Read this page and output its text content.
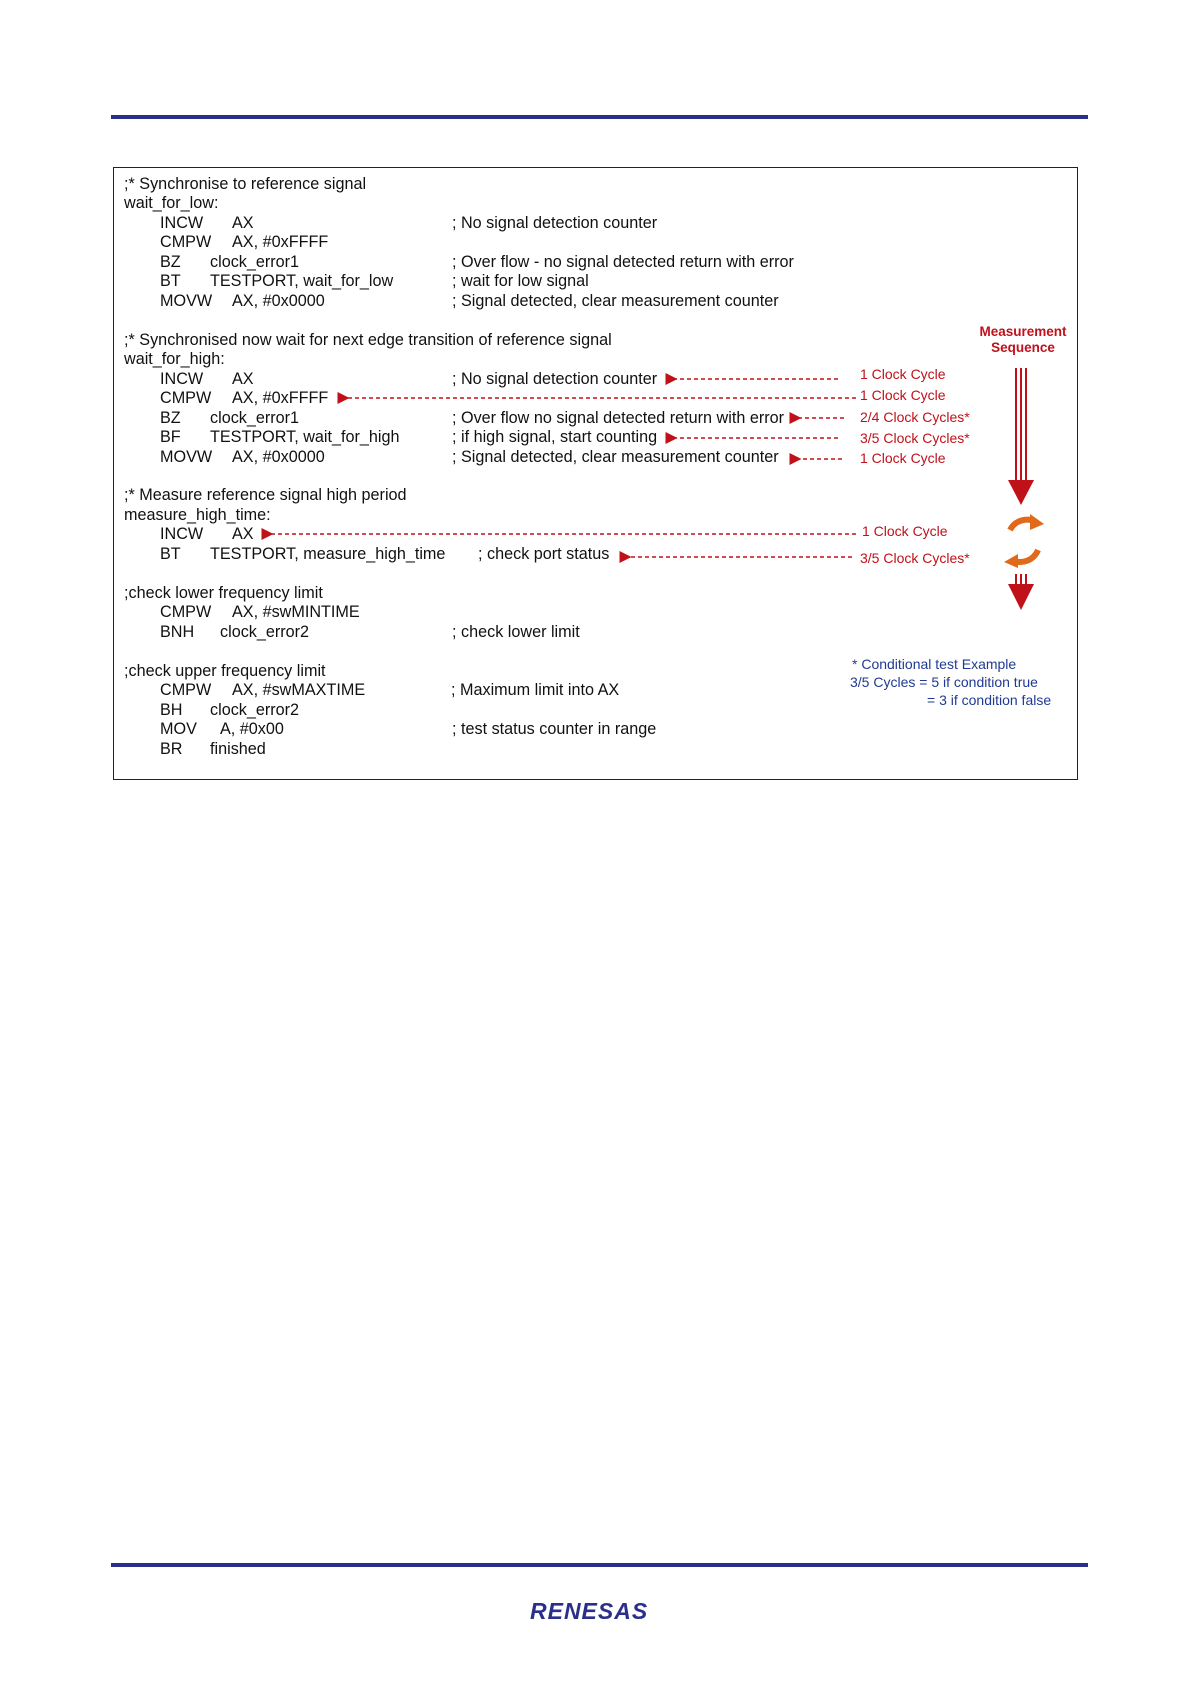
;* Synchronise to reference signal
wait_for_low:
INCW AX	; No signal detection counter
CMPW AX, #0xFFFF
BZ clock_error1	; Over flow - no signal detected return with error
BT TESTPORT, wait_for_low	; wait for low signal
MOVW AX, #0x0000	; Signal detected, clear measurement counter
;* Synchronised now wait for next edge transition of reference signal
wait_for_high:
INCW AX	; No signal detection counter
CMPW AX, #0xFFFF
BZ clock_error1	; Over flow no signal detected return with error
BF TESTPORT, wait_for_high	; if high signal, start counting
MOVW AX, #0x0000	; Signal detected, clear measurement counter
;* Measure reference signal high period
measure_high_time:
INCW AX
BT TESTPORT, measure_high_time ; check port status
;check lower frequency limit
CMPW AX, #swMINTIME
BNH clock_error2	; check lower limit
;check upper frequency limit
CMPW AX, #swMAXTIME	; Maximum limit into AX
BH clock_error2
MOV A, #0x00	; test status counter in range
BR finished
1 Clock Cycle
1 Clock Cycle
2/4 Clock Cycles*
3/5 Clock Cycles*
1 Clock Cycle
1 Clock Cycle
3/5 Clock Cycles*
Measurement Sequence
* Conditional test Example
3/5 Cycles = 5 if condition true
= 3 if condition false
RENESAS
